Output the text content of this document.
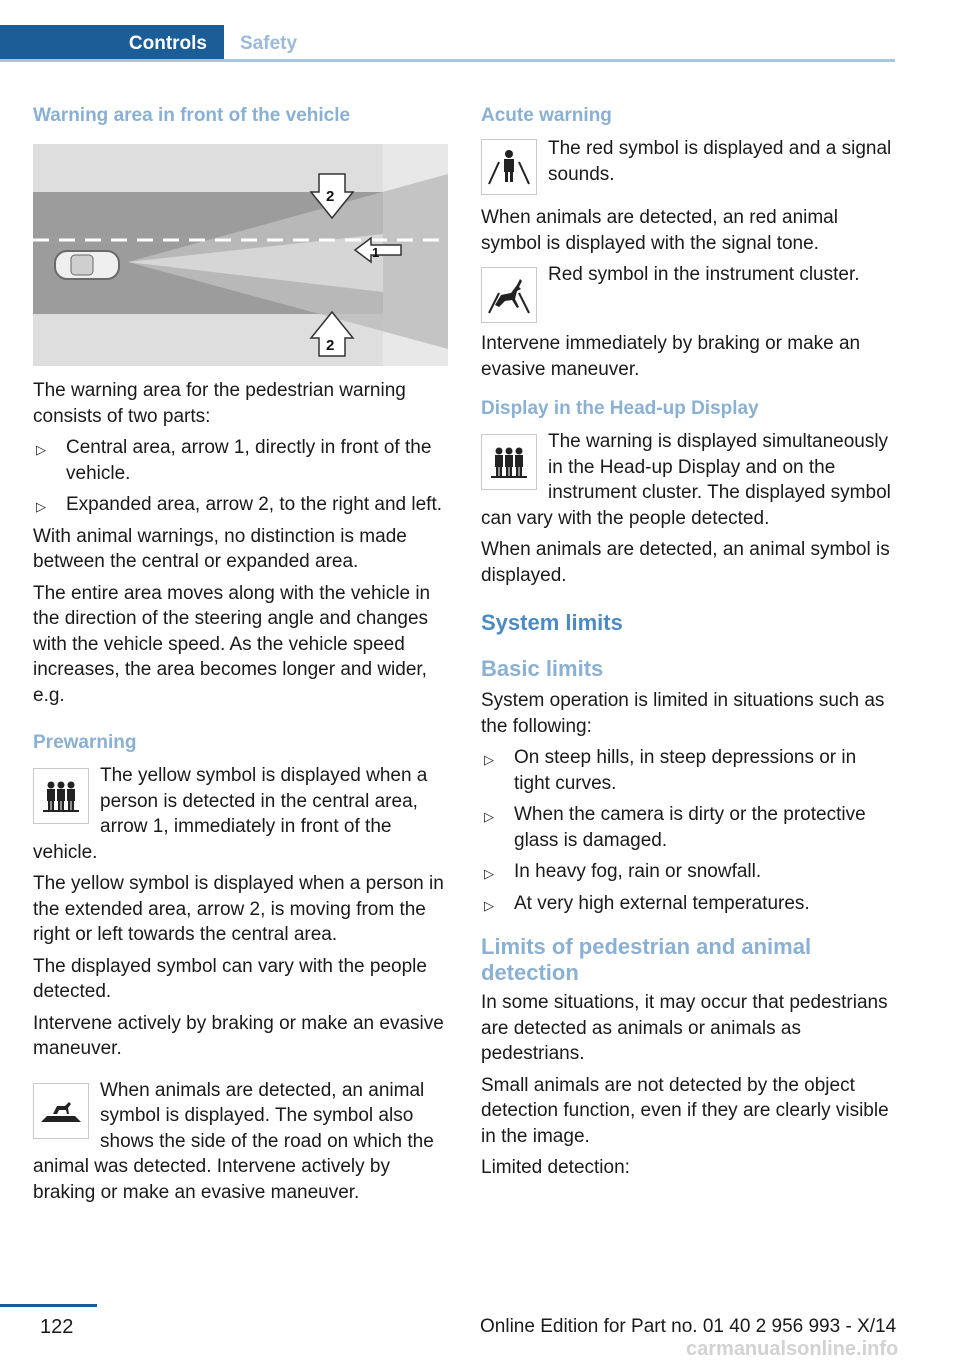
Controls Safety
Warning area in front of the vehicle
1
2
2
The warning area for the pedestrian warning consists of two parts:
▷ Central area, arrow 1, directly in front of the vehicle.
▷ Expanded area, arrow 2, to the right and left.
With animal warnings, no distinction is made between the central or expanded area.
The entire area moves along with the vehicle in the direction of the steering angle and changes with the vehicle speed. As the vehicle speed increases, the area becomes longer and wider, e.g.
Prewarning
The yellow symbol is displayed when a person is detected in the central area, arrow 1, immediately in front of the vehicle.
The yellow symbol is displayed when a person in the extended area, arrow 2, is moving from the right or left towards the central area.
The displayed symbol can vary with the people detected.
Intervene actively by braking or make an evasive maneuver.
When animals are detected, an animal symbol is displayed. The symbol also shows the side of the road on which the animal was detected. Intervene actively by braking or make an evasive maneuver.
Acute warning
The red symbol is displayed and a signal sounds.
When animals are detected, an red animal symbol is displayed with the signal tone.
Red symbol in the instrument cluster.
Intervene immediately by braking or make an evasive maneuver.
Display in the Head-up Display
The warning is displayed simultaneously in the Head-up Display and on the instrument cluster. The displayed symbol can vary with the people detected.
When animals are detected, an animal symbol is displayed.
System limits
Basic limits
System operation is limited in situations such as the following:
▷ On steep hills, in steep depressions or in tight curves.
▷ When the camera is dirty or the protective glass is damaged.
▷ In heavy fog, rain or snowfall.
▷ At very high external temperatures.
Limits of pedestrian and animal detection
In some situations, it may occur that pedestrians are detected as animals or animals as pedestrians.
Small animals are not detected by the object detection function, even if they are clearly visible in the image.
Limited detection:
122	Online Edition for Part no. 01 40 2 956 993 - X/14
carmanualsonline.info
